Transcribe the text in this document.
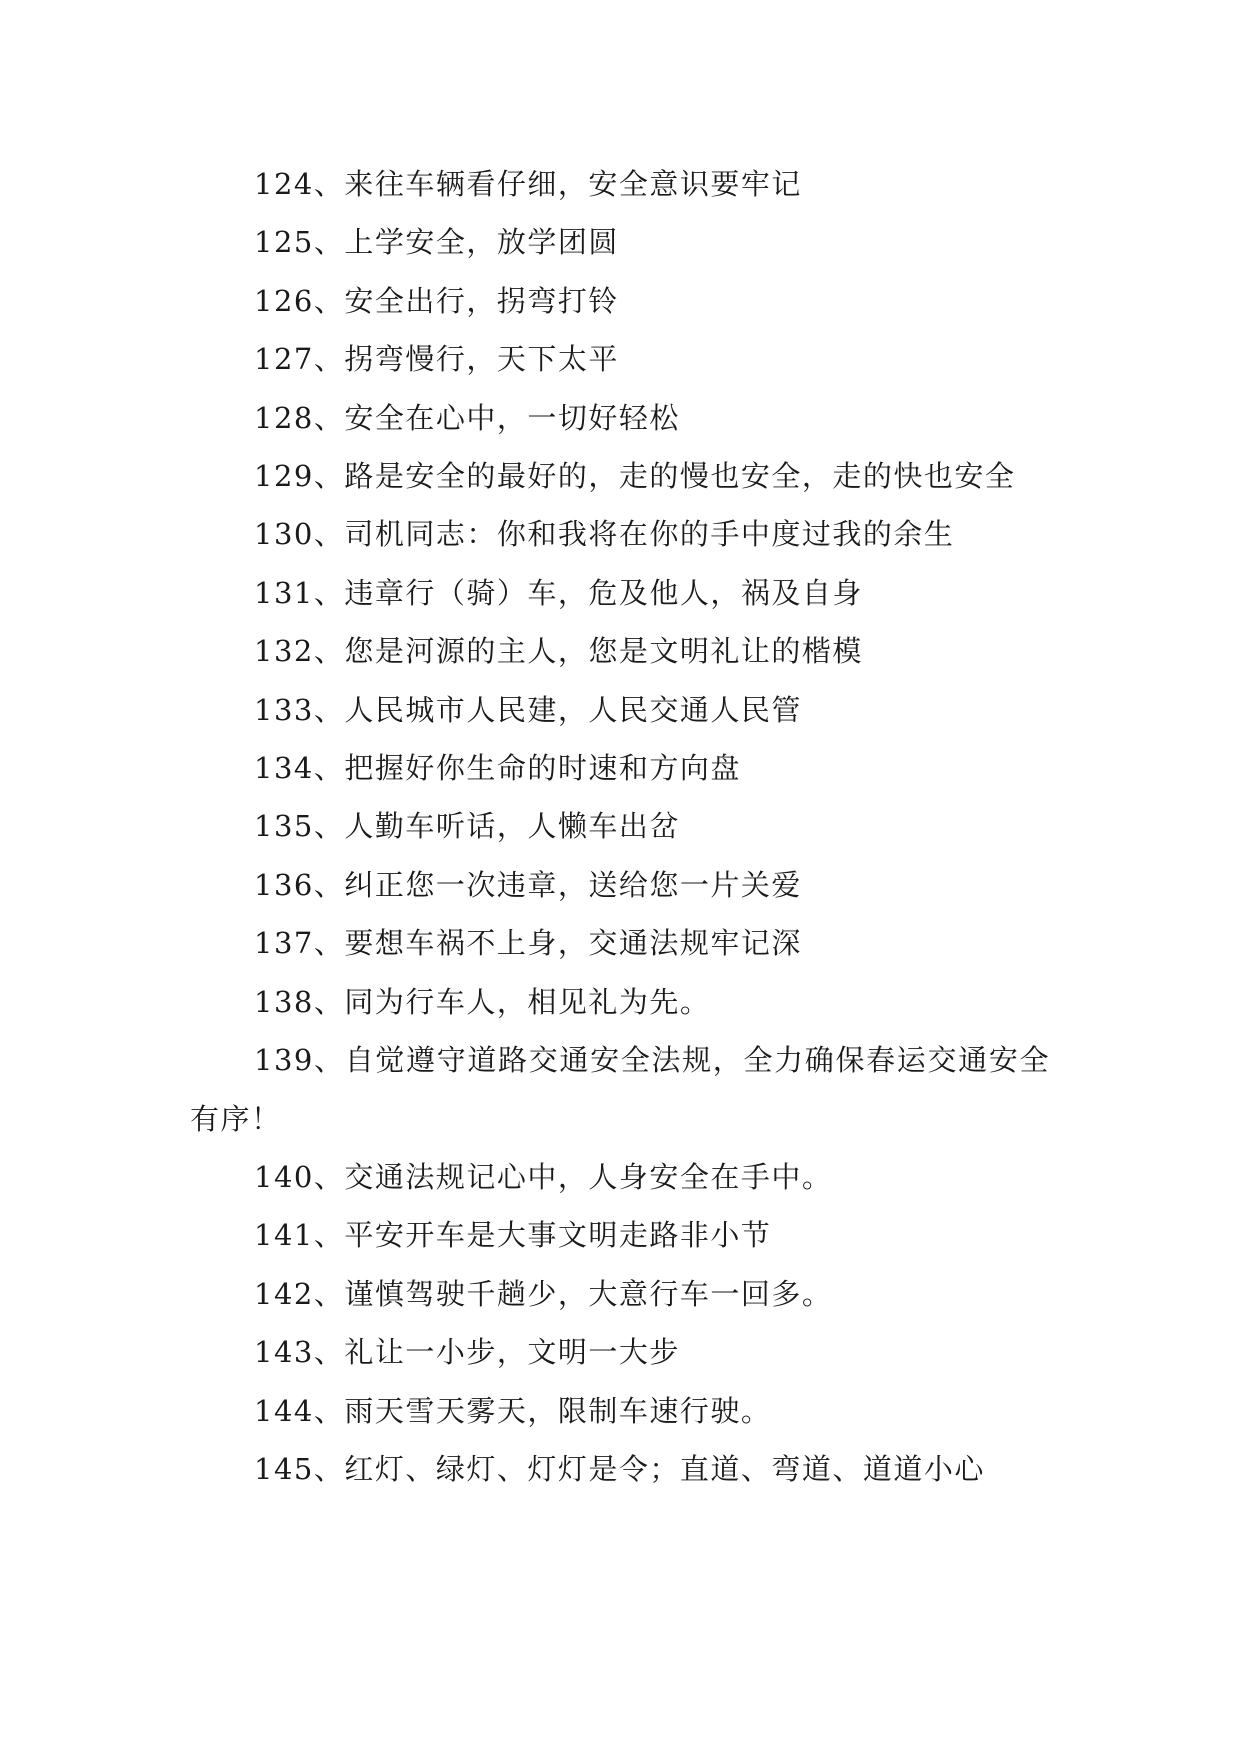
124、来往车辆看仔细，安全意识要牢记

125、上学安全，放学团圆

126、安全出行，拐弯打铃

127、拐弯慢行，天下太平

128、安全在心中，一切好轻松

129、路是安全的最好的，走的慢也安全，走的快也安全

130、司机同志：你和我将在你的手中度过我的余生

131、违章行（骑）车，危及他人，祸及自身

132、您是河源的主人，您是文明礼让的楷模

133、人民城市人民建，人民交通人民管

134、把握好你生命的时速和方向盘

135、人勤车听话，人懒车出岔

136、纠正您一次违章，送给您一片关爱

137、要想车祸不上身，交通法规牢记深

138、同为行车人，相见礼为先。

139、自觉遵守道路交通安全法规，全力确保春运交通安全有序！

140、交通法规记心中，人身安全在手中。

141、平安开车是大事文明走路非小节

142、谨慎驾驶千趟少，大意行车一回多。

143、礼让一小步，文明一大步

144、雨天雪天雾天，限制车速行驶。

145、红灯、绿灯、灯灯是令；直道、弯道、道道小心
